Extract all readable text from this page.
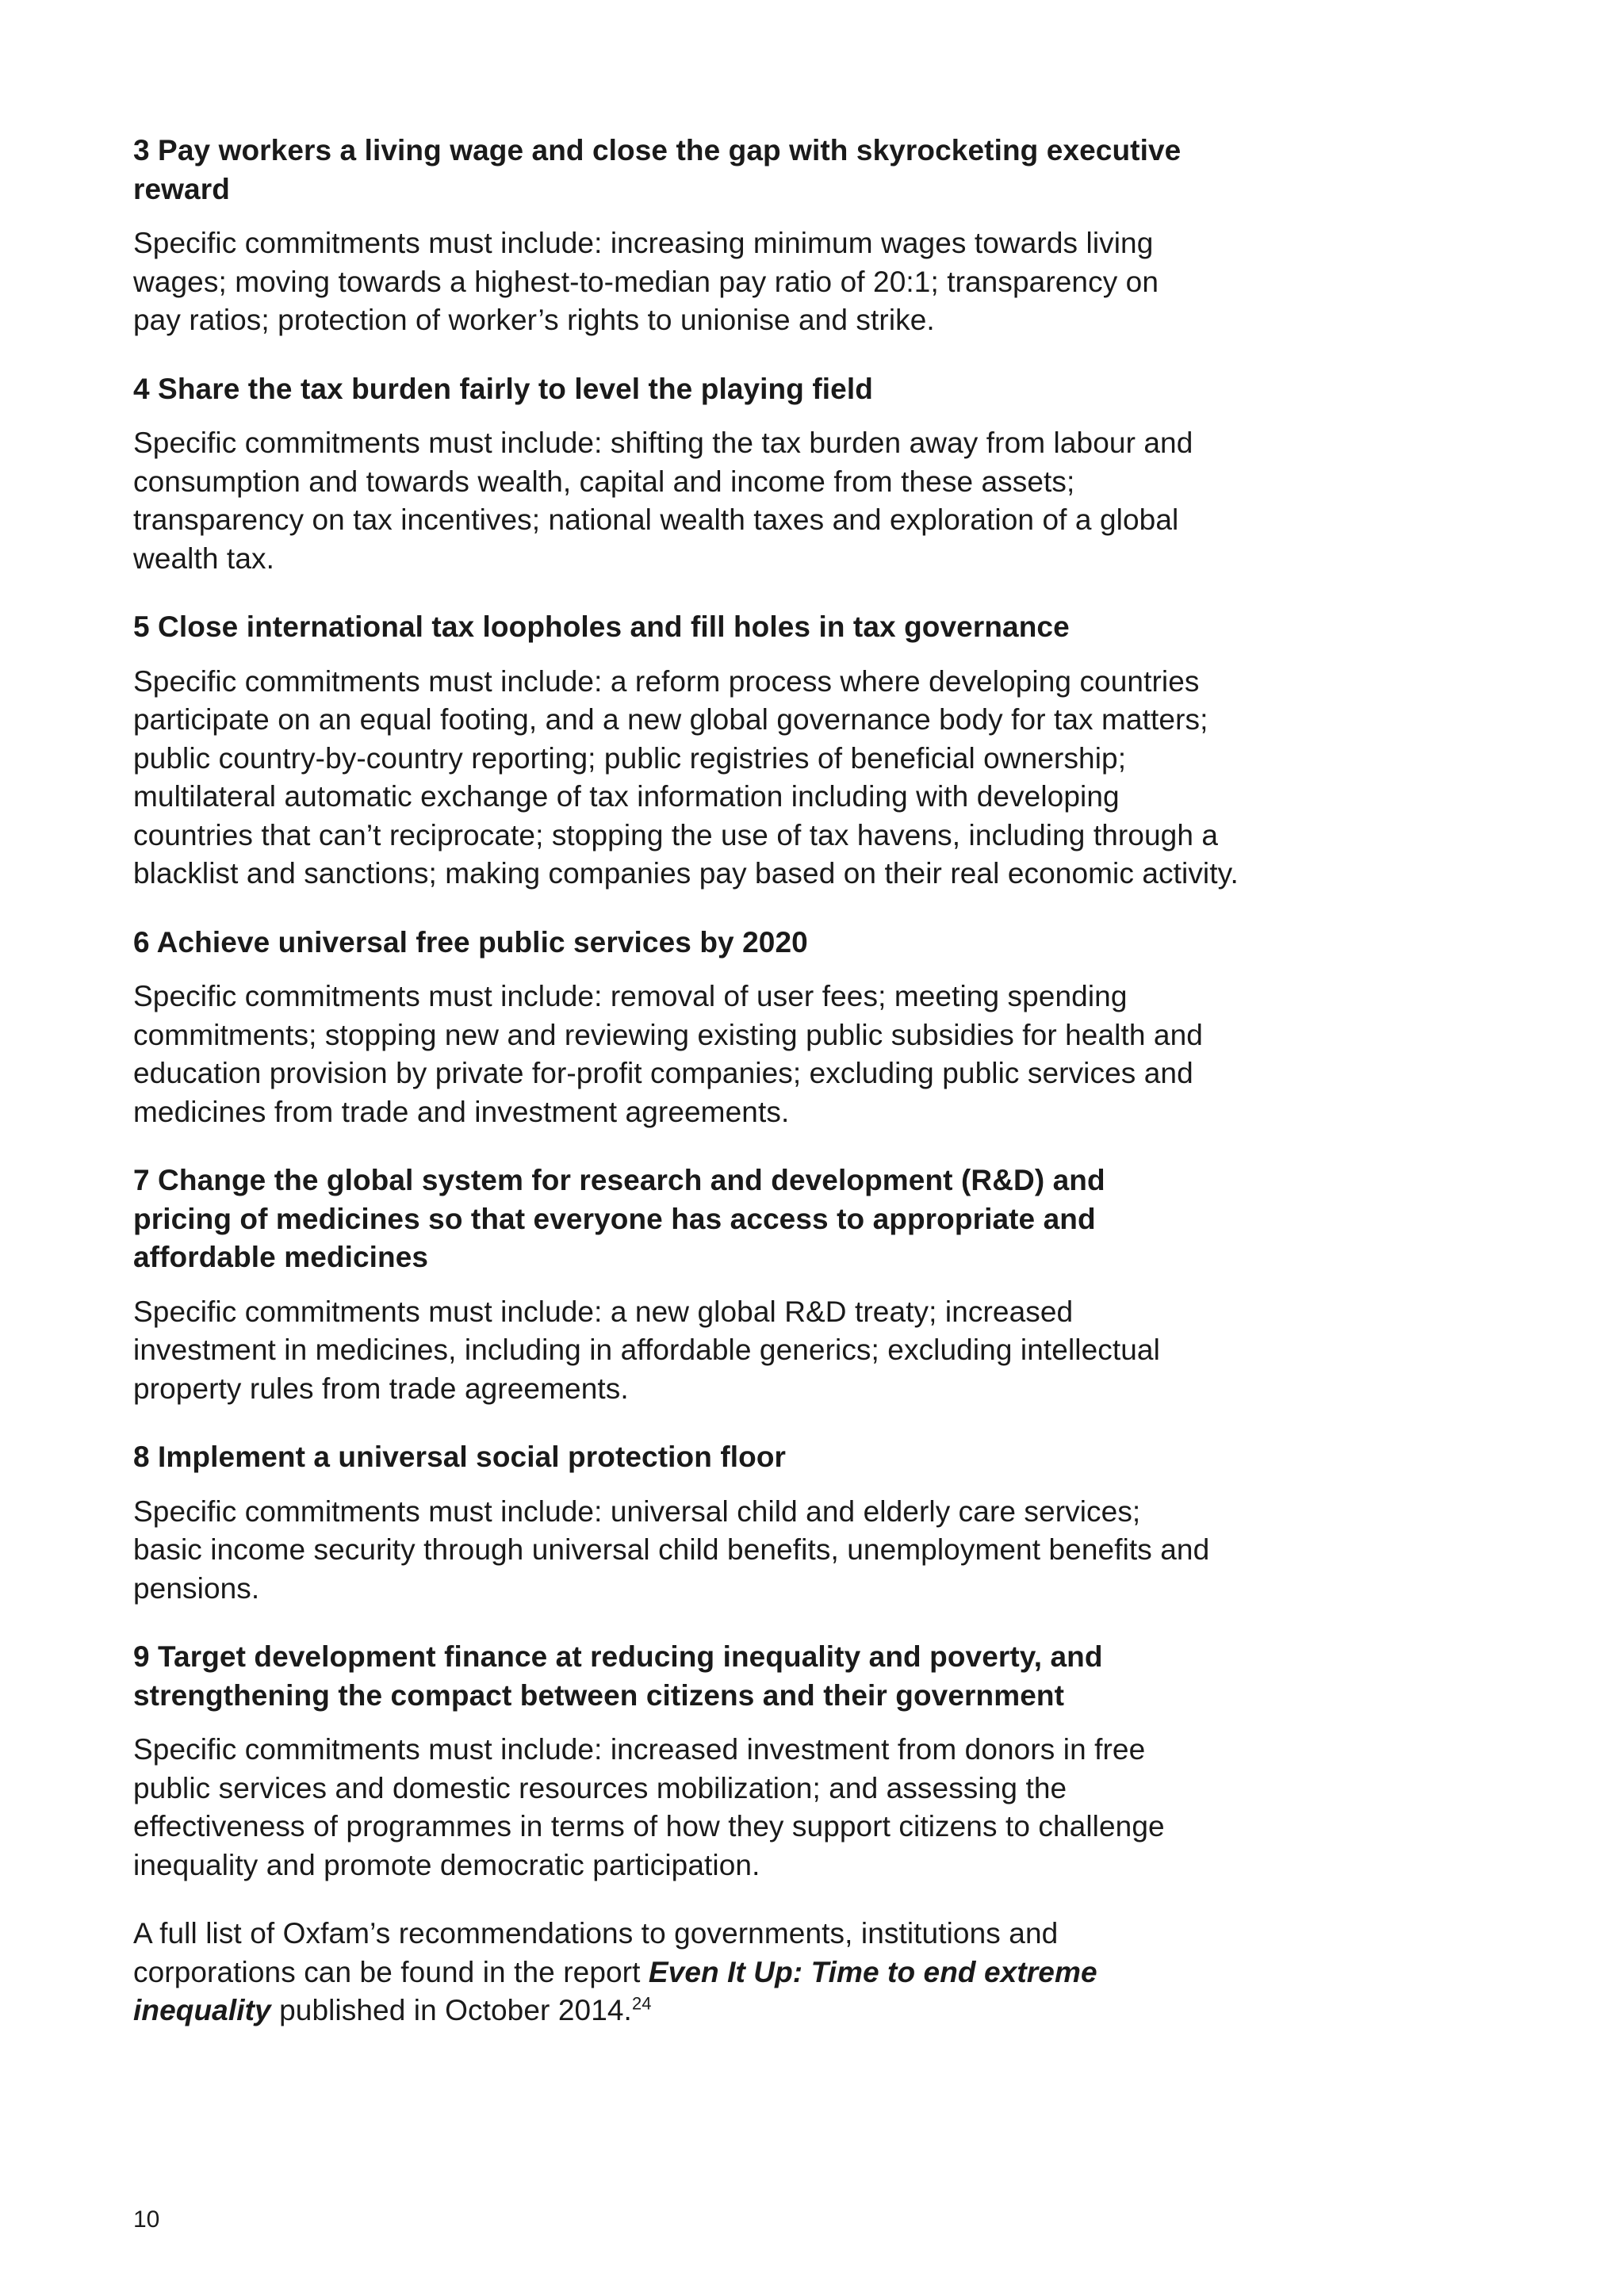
3 Pay workers a living wage and close the gap with skyrocketing executive reward
Specific commitments must include: increasing minimum wages towards living wages; moving towards a highest-to-median pay ratio of 20:1; transparency on pay ratios; protection of worker’s rights to unionise and strike.
4 Share the tax burden fairly to level the playing field
Specific commitments must include: shifting the tax burden away from labour and consumption and towards wealth, capital and income from these assets; transparency on tax incentives; national wealth taxes and exploration of a global wealth tax.
5 Close international tax loopholes and fill holes in tax governance
Specific commitments must include: a reform process where developing countries participate on an equal footing, and a new global governance body for tax matters; public country-by-country reporting; public registries of beneficial ownership; multilateral automatic exchange of tax information including with developing countries that can’t reciprocate; stopping the use of tax havens, including through a blacklist and sanctions; making companies pay based on their real economic activity.
6 Achieve universal free public services by 2020
Specific commitments must include: removal of user fees; meeting spending commitments; stopping new and reviewing existing public subsidies for health and education provision by private for-profit companies; excluding public services and medicines from trade and investment agreements.
7 Change the global system for research and development (R&D) and pricing of medicines so that everyone has access to appropriate and affordable medicines
Specific commitments must include: a new global R&D treaty; increased investment in medicines, including in affordable generics; excluding intellectual property rules from trade agreements.
8 Implement a universal social protection floor
Specific commitments must include: universal child and elderly care services; basic income security through universal child benefits, unemployment benefits and pensions.
9 Target development finance at reducing inequality and poverty, and strengthening the compact between citizens and their government
Specific commitments must include: increased investment from donors in free public services and domestic resources mobilization; and assessing the effectiveness of programmes in terms of how they support citizens to challenge inequality and promote democratic participation.
A full list of Oxfam’s recommendations to governments, institutions and corporations can be found in the report Even It Up: Time to end extreme inequality published in October 2014.24
10
